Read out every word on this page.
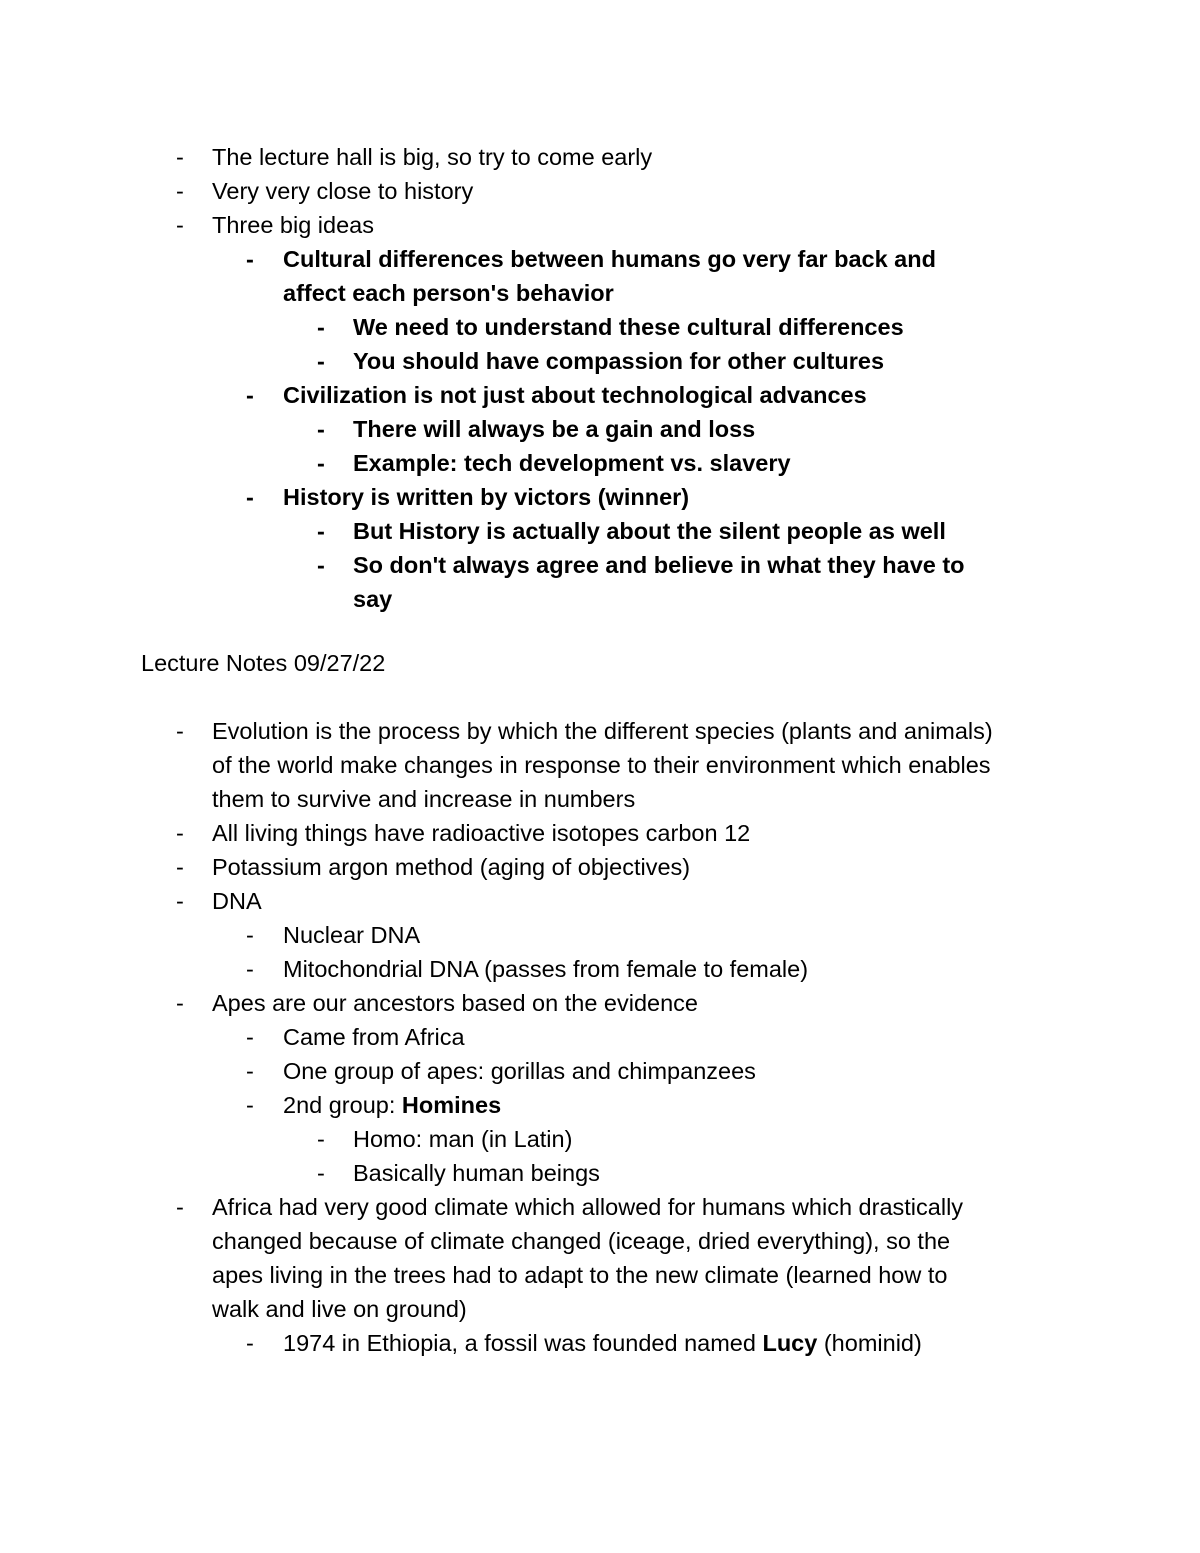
- The lecture hall is big, so try to come early
- Very very close to history
- Three big ideas
- Cultural differences between humans go very far back and
affect each person's behavior
- We need to understand these cultural differences
- You should have compassion for other cultures
- Civilization is not just about technological advances
- There will always be a gain and loss
- Example: tech development vs. slavery
- History is written by victors (winner)
- But History is actually about the silent people as well
- So don't always agree and believe in what they have to
say
Lecture Notes 09/27/22
- Evolution is the process by which the different species (plants and animals)
of the world make changes in response to their environment which enables
them to survive and increase in numbers
- All living things have radioactive isotopes carbon 12
- Potassium argon method (aging of objectives)
- DNA
- Nuclear DNA
- Mitochondrial DNA (passes from female to female)
- Apes are our ancestors based on the evidence
- Came from Africa
- One group of apes: gorillas and chimpanzees
- 2nd group: Homines
- Homo: man (in Latin)
- Basically human beings
- Africa had very good climate which allowed for humans which drastically
changed because of climate changed (iceage, dried everything), so the
apes living in the trees had to adapt to the new climate (learned how to
walk and live on ground)
- 1974 in Ethiopia, a fossil was founded named Lucy (hominid)
